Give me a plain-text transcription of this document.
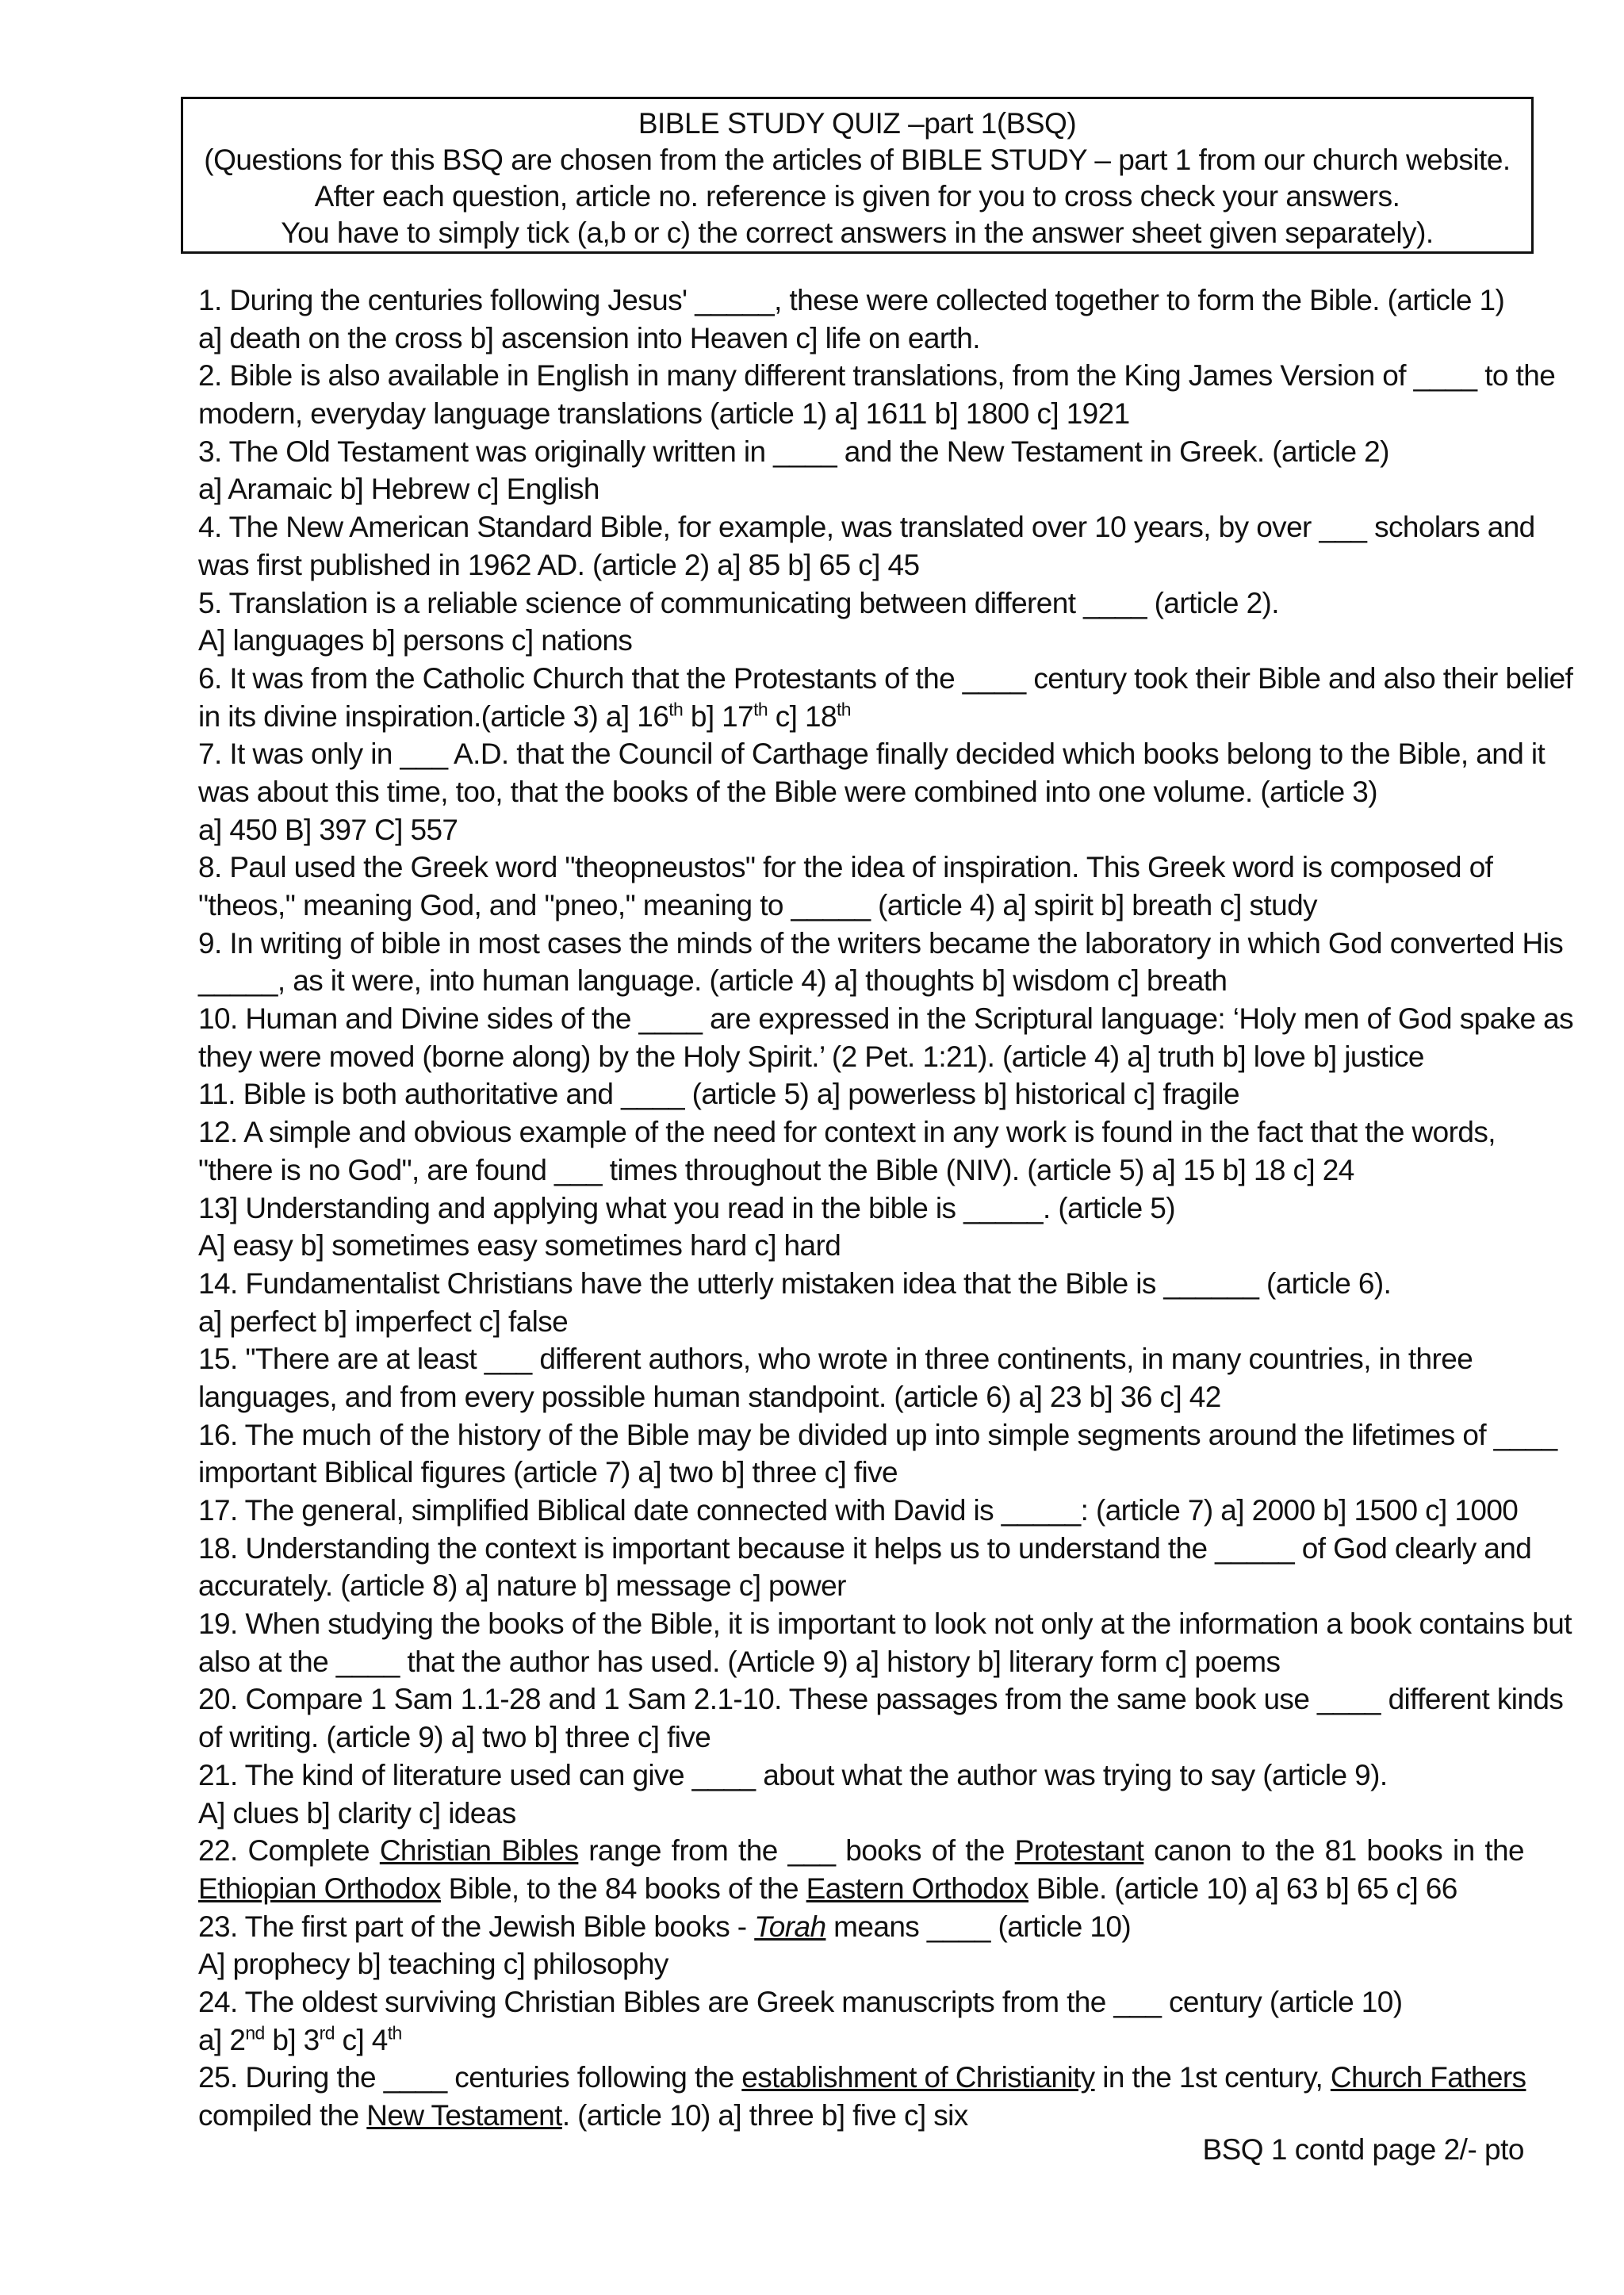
BIBLE STUDY QUIZ –part 1(BSQ)
(Questions for this BSQ are chosen from the articles of BIBLE STUDY – part 1 from our church website.
After each question, article no. reference is given for you to cross check your answers.
You have to simply tick (a,b or c) the correct answers in the answer sheet given separately).
1. During the centuries following Jesus' _____, these were collected together to form the Bible. (article 1)
a] death on the cross b] ascension into Heaven c] life on earth.
2. Bible is also available in English in many different translations, from the King James Version of ____ to the
modern, everyday language translations (article 1) a] 1611 b] 1800 c] 1921
3. The Old Testament was originally written in ____ and the New Testament in Greek. (article 2)
a] Aramaic b] Hebrew c] English
4. The New American Standard Bible, for example, was translated over 10 years, by over ___ scholars and
was first published in 1962 AD. (article 2) a] 85 b] 65 c] 45
5. Translation is a reliable science of communicating between different ____ (article 2).
A] languages b] persons c] nations
6. It was from the Catholic Church that the Protestants of the ____ century took their Bible and also their belief
in its divine inspiration.(article 3) a] 16th b] 17th c] 18th
7. It was only in ___ A.D. that the Council of Carthage finally decided which books belong to the Bible, and it
was about this time, too, that the books of the Bible were combined into one volume. (article 3)
a] 450 B] 397 C] 557
8. Paul used the Greek word "theopneustos" for the idea of inspiration. This Greek word is composed of
"theos," meaning God, and "pneo," meaning to _____ (article 4) a] spirit b] breath c] study
9. In writing of bible in most cases the minds of the writers became the laboratory in which God converted His
_____, as it were, into human language. (article 4) a] thoughts b] wisdom c] breath
10. Human and Divine sides of the ____ are expressed in the Scriptural language: ‘Holy men of God spake as
they were moved (borne along) by the Holy Spirit.’ (2 Pet. 1:21). (article 4) a] truth b] love b] justice
11. Bible is both authoritative and ____ (article 5) a] powerless b] historical c] fragile
12. A simple and obvious example of the need for context in any work is found in the fact that the words,
"there is no God", are found ___ times throughout the Bible (NIV). (article 5) a] 15 b] 18 c] 24
13] Understanding and applying what you read in the bible is _____. (article 5)
A] easy b] sometimes easy sometimes hard c] hard
14. Fundamentalist Christians have the utterly mistaken idea that the Bible is ______ (article 6).
a] perfect b] imperfect c] false
15. "There are at least ___ different authors, who wrote in three continents, in many countries, in three
languages, and from every possible human standpoint. (article 6) a] 23 b] 36 c] 42
16. The much of the history of the Bible may be divided up into simple segments around the lifetimes of ____
important Biblical figures (article 7) a] two b] three c] five
17. The general, simplified Biblical date connected with David is _____: (article 7) a] 2000 b] 1500 c] 1000
18. Understanding the context is important because it helps us to understand the _____ of God clearly and
accurately. (article 8) a] nature b] message c] power
19. When studying the books of the Bible, it is important to look not only at the information a book contains but
also at the ____ that the author has used. (Article 9) a] history b] literary form c] poems
20. Compare 1 Sam 1.1-28 and 1 Sam 2.1-10. These passages from the same book use ____ different kinds
of writing. (article 9) a] two b] three c] five
21. The kind of literature used can give ____ about what the author was trying to say (article 9).
A] clues b] clarity c] ideas
22. Complete Christian Bibles range from the ___ books of the Protestant canon to the 81 books in the
Ethiopian Orthodox Bible, to the 84 books of the Eastern Orthodox Bible. (article 10) a] 63 b] 65 c] 66
23. The first part of the Jewish Bible books - Torah means ____ (article 10)
A] prophecy b] teaching c] philosophy
24. The oldest surviving Christian Bibles are Greek manuscripts from the ___ century (article 10)
a] 2nd b] 3rd c] 4th
25. During the ____ centuries following the establishment of Christianity in the 1st century, Church Fathers
compiled the New Testament. (article 10) a] three b] five c] six
BSQ 1 contd page 2/- pto
